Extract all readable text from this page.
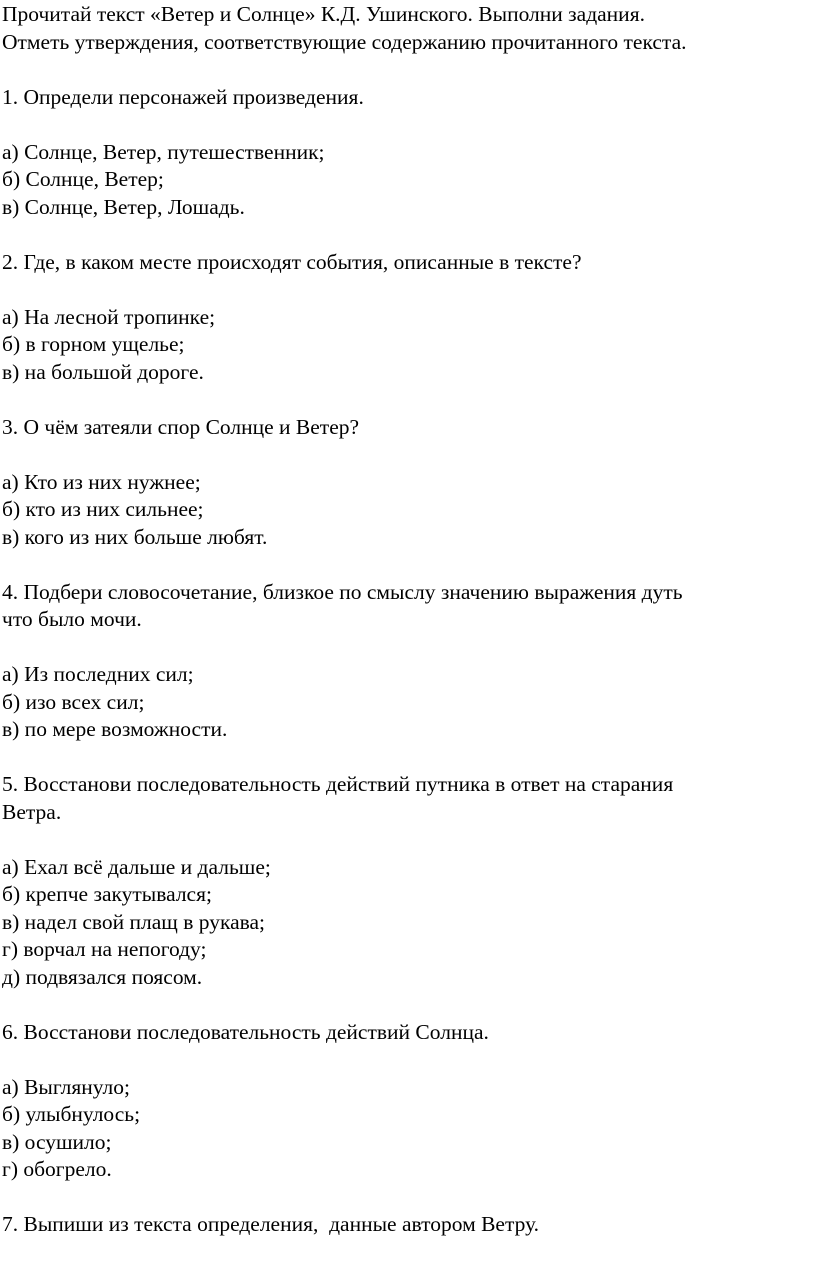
Прочитай текст «Ветер и Солнце» К.Д. Ушинского. Выполни задания.

Отметь утверждения, соответствующие содержанию прочитанного текста.

1. Определи персонажей произведения.

а) Солнце, Ветер, путешественник;

б) Солнце, Ветер;

в) Солнце, Ветер, Лошадь.

2. Где, в каком месте происходят события, описанные в тексте?

а) На лесной тропинке;

б) в горном ущелье;

в) на большой дороге.

3. О чём затеяли спор Солнце и Ветер?

а) Кто из них нужнее;

б) кто из них сильнее;

в) кого из них больше любят.

4. Подбери словосочетание, близкое по смыслу значению выражения дуть

что было мочи.

а) Из последних сил;

б) изо всех сил;

в) по мере возможности.

5. Восстанови последовательность действий путника в ответ на старания

Ветра.

а) Ехал всё дальше и дальше;

б) крепче закутывался;

в) надел свой плащ в рукава;

г) ворчал на непогоду;

д) подвязался поясом.

6. Восстанови последовательность действий Солнца.

а) Выглянуло;

б) улыбнулось;

в) осушило;

г) обогрело.

7. Выпиши из текста определения,  данные автором Ветру.
